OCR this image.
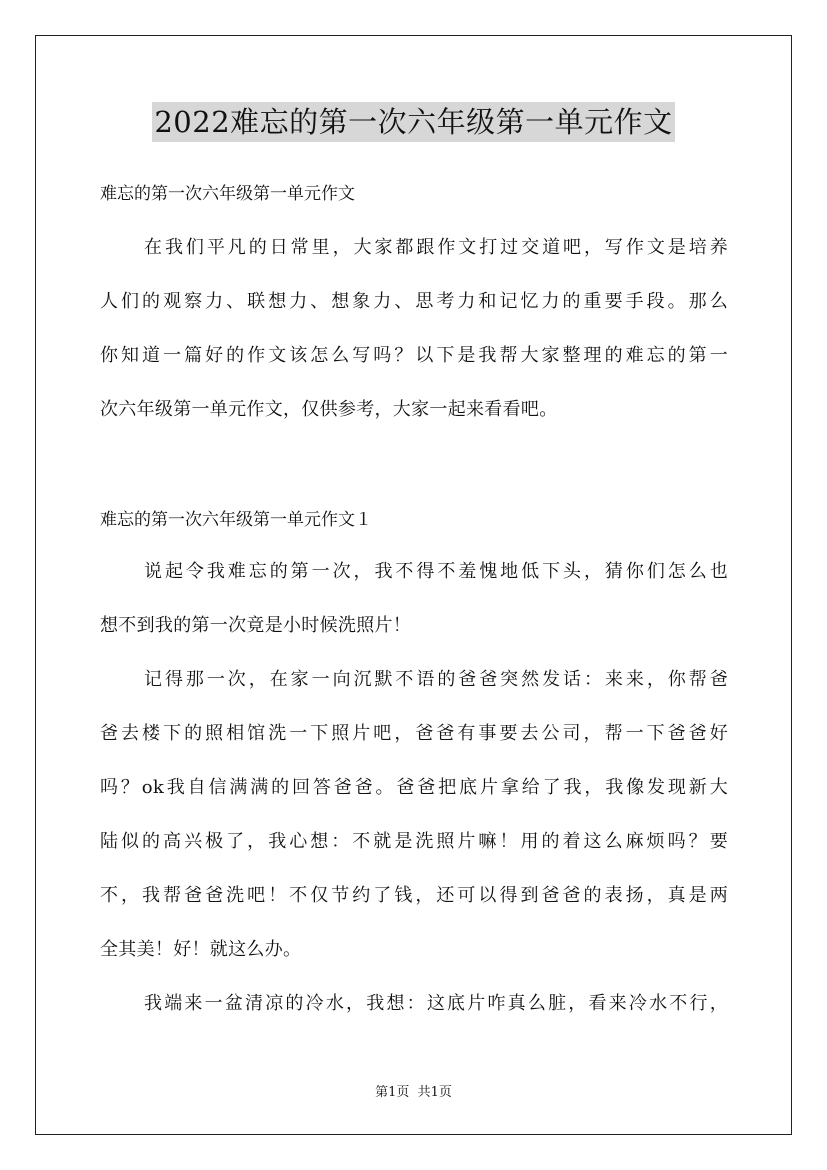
2022难忘的第一次六年级第一单元作文
难忘的第一次六年级第一单元作文
在我们平凡的日常里，大家都跟作文打过交道吧，写作文是培养
人们的观察力、联想力、想象力、思考力和记忆力的重要手段。那么
你知道一篇好的作文该怎么写吗？以下是我帮大家整理的难忘的第一
次六年级第一单元作文，仅供参考，大家一起来看看吧。
难忘的第一次六年级第一单元作文１
说起令我难忘的第一次，我不得不羞愧地低下头，猜你们怎么也
想不到我的第一次竟是小时候洗照片！
记得那一次，在家一向沉默不语的爸爸突然发话：来来，你帮爸
爸去楼下的照相馆洗一下照片吧，爸爸有事要去公司，帮一下爸爸好
吗？ok我自信满满的回答爸爸。爸爸把底片拿给了我，我像发现新大
陆似的高兴极了，我心想：不就是洗照片嘛！用的着这么麻烦吗？要
不，我帮爸爸洗吧！不仅节约了钱，还可以得到爸爸的表扬，真是两
全其美！好！就这么办。
我端来一盆清凉的冷水，我想：这底片咋真么脏，看来冷水不行，
第1页  共1页
